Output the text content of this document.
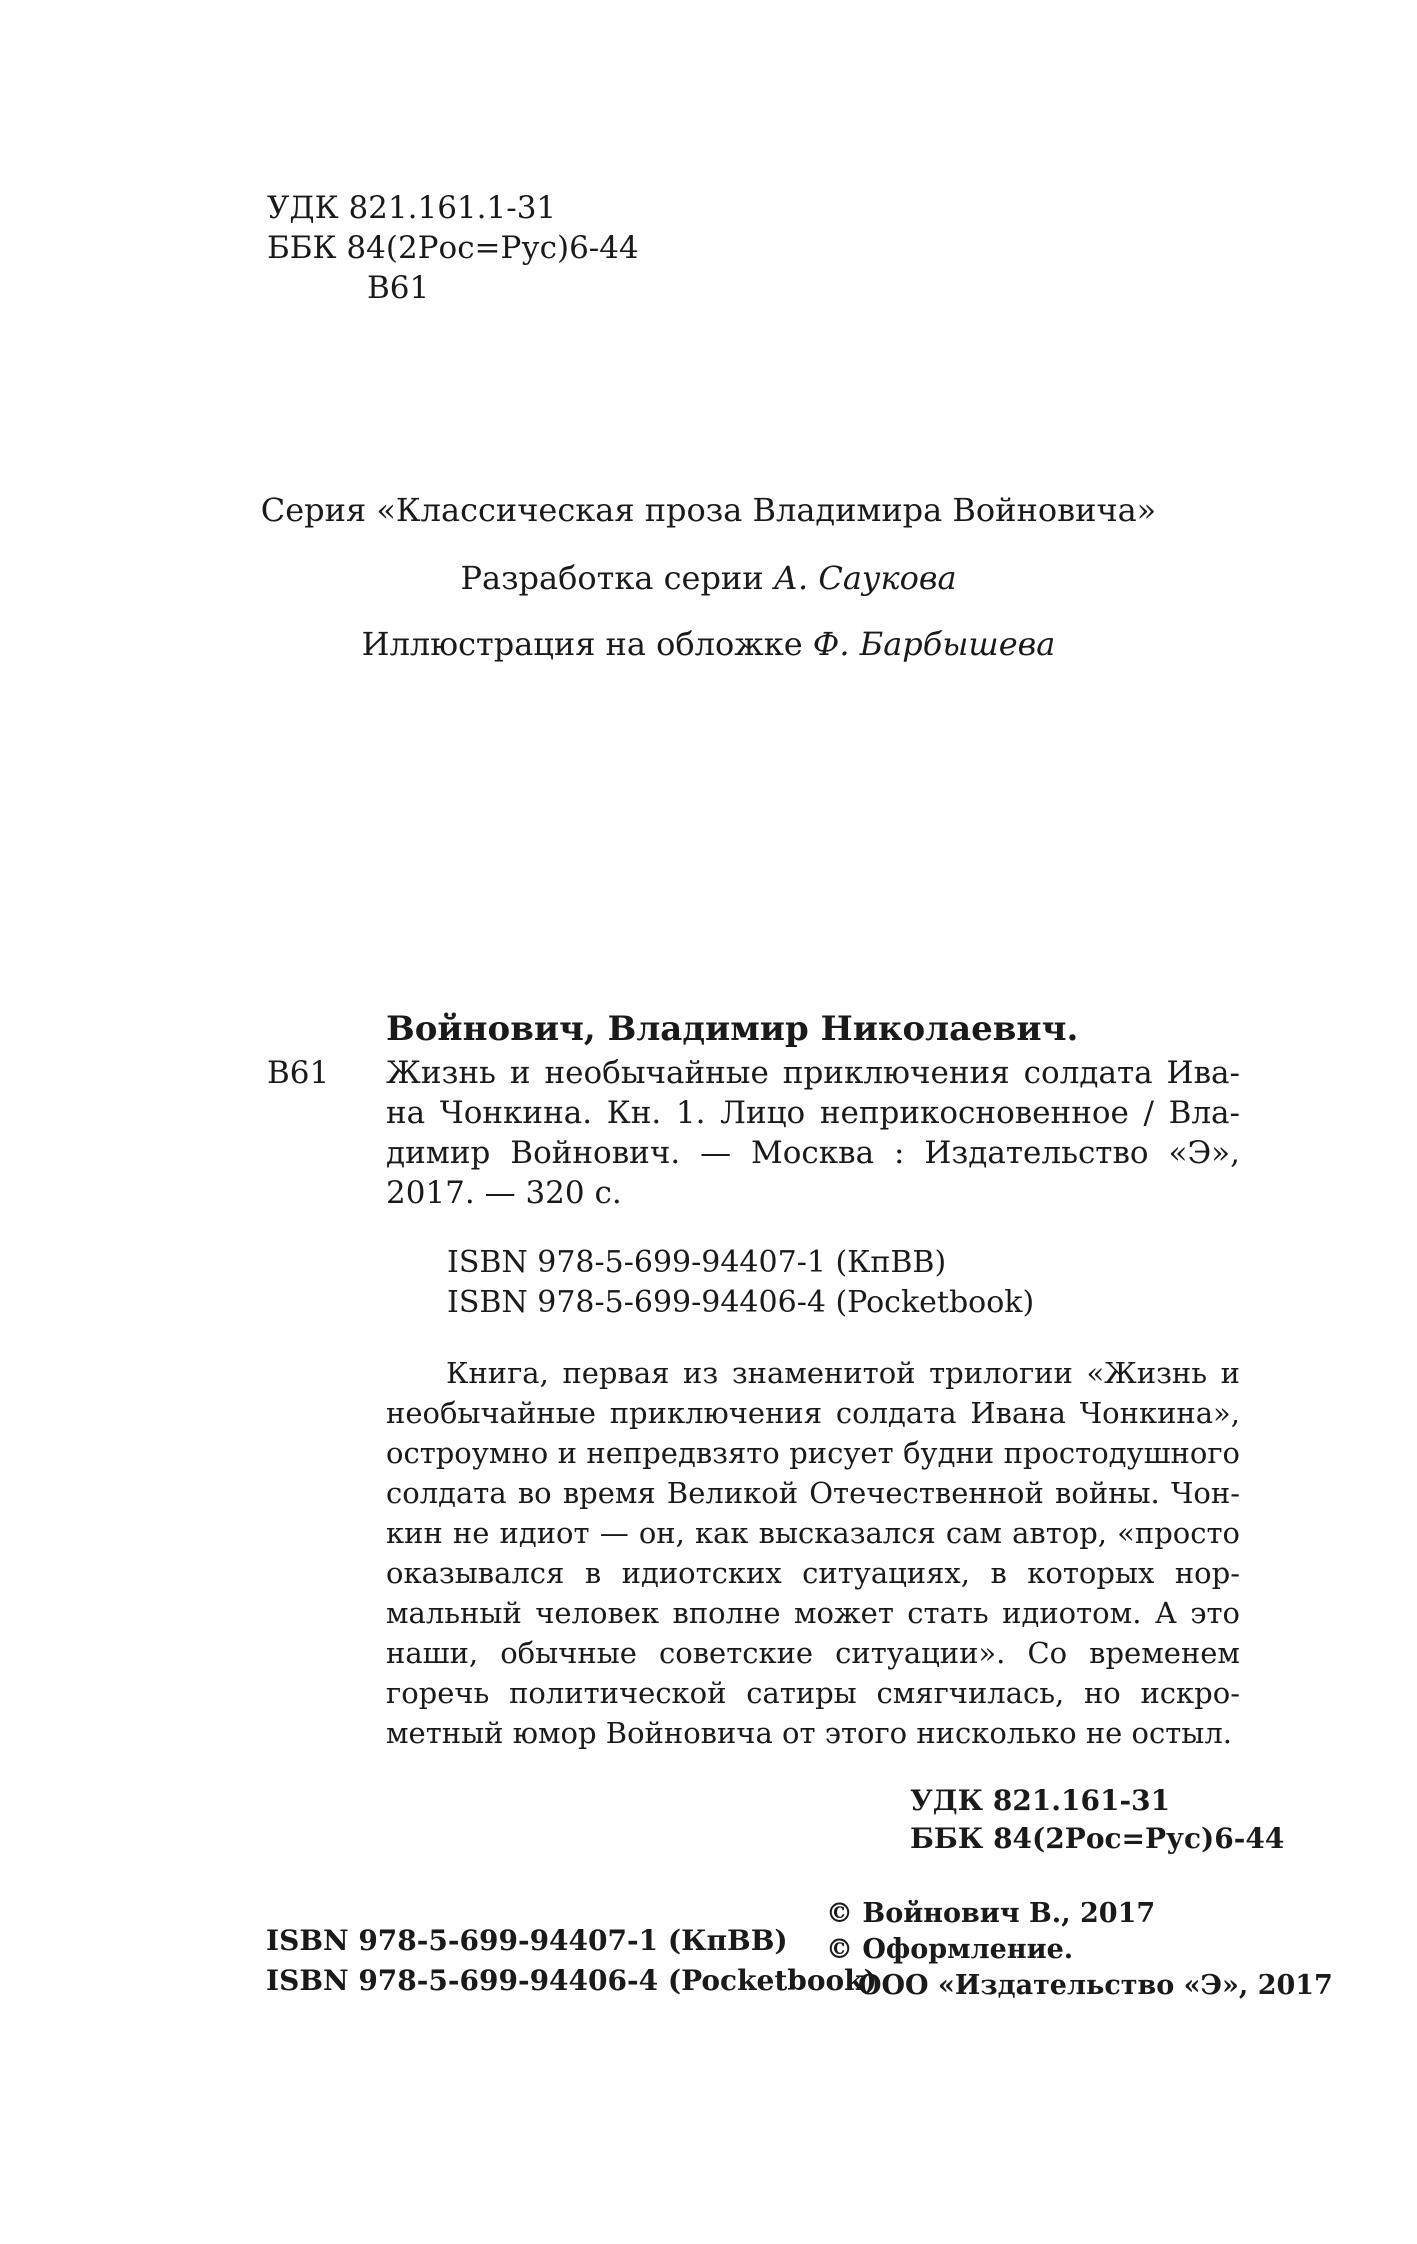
УДК 821.161.1-31
ББК 84(2Рос=Рус)6-44
В61
Серия «Классическая проза Владимира Войновича»
Разработка серии А. Саукова
Иллюстрация на обложке Ф. Барбышева
Войнович, Владимир Николаевич.
В61 Жизнь и необычайные приключения солдата Ива-
на Чонкина. Кн. 1. Лицо неприкосновенное / Вла-
димир Войнович. — Москва : Издательство «Э»,
2017. — 320 с.
ISBN 978-5-699-94407-1 (КпВВ)
ISBN 978-5-699-94406-4 (Pocketbook)
Книга, первая из знаменитой трилогии «Жизнь и
необычайные приключения солдата Ивана Чонкина»,
остроумно и непредвзято рисует будни простодушного
солдата во время Великой Отечественной войны. Чон-
кин не идиот — он, как высказался сам автор, «просто
оказывался в идиотских ситуациях, в которых нор-
мальный человек вполне может стать идиотом. А это
наши, обычные советские ситуации». Со временем
горечь политической сатиры смягчилась, но искро-
метный юмор Войновича от этого нисколько не остыл.
УДК 821.161-31
ББК 84(2Рос=Рус)6-44
ISBN 978-5-699-94407-1 (КпВВ)
ISBN 978-5-699-94406-4 (Pocketbook)
© Войнович В., 2017
© Оформление.
ООО «Издательство «Э», 2017
